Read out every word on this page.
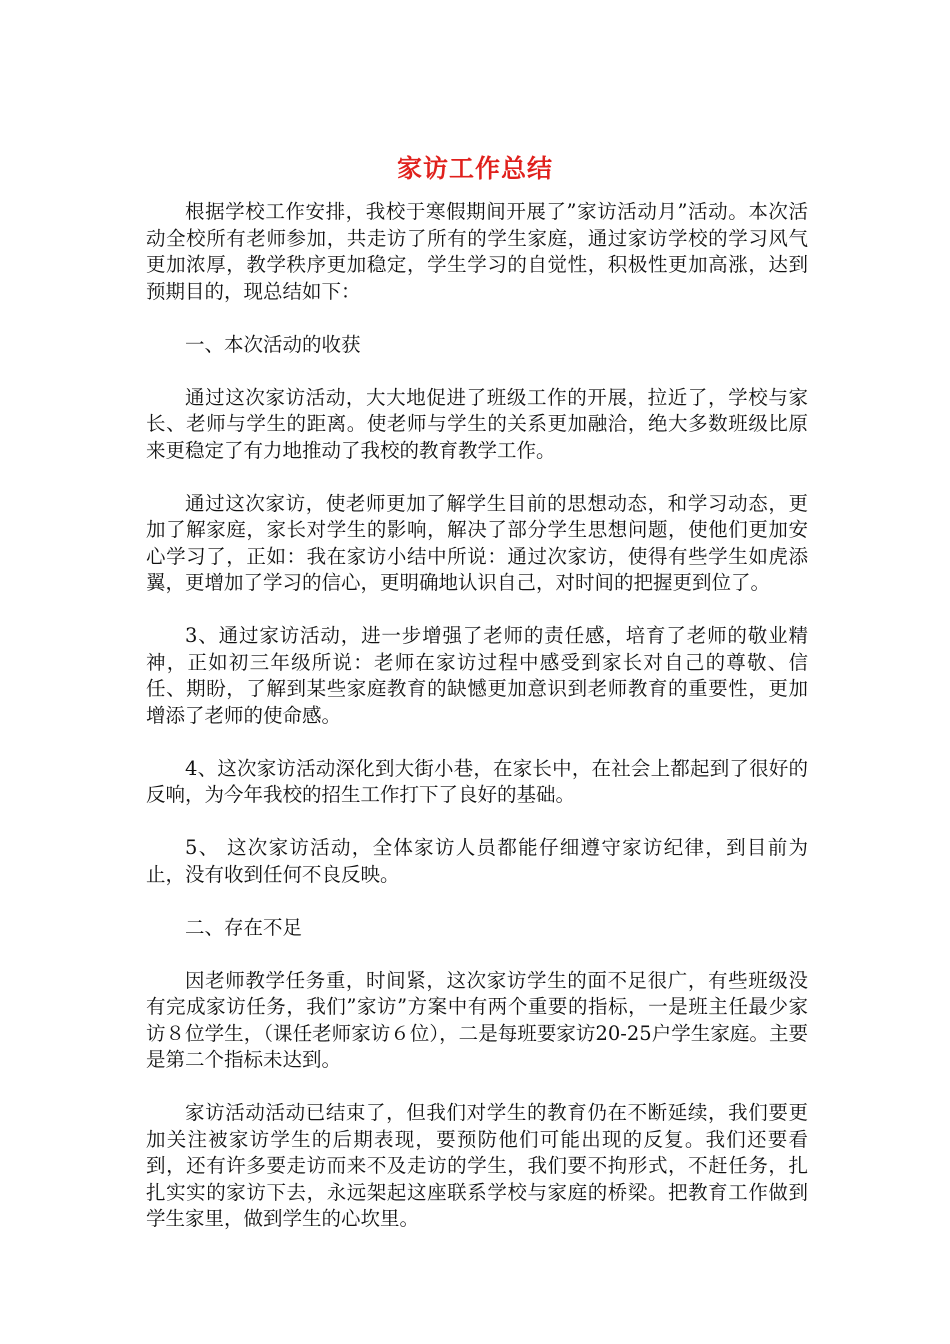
家访工作总结

根据学校工作安排，我校于寒假期间开展了”家访活动月”活动。本次活动全校所有老师参加，共走访了所有的学生家庭，通过家访学校的学习风气更加浓厚，教学秩序更加稳定，学生学习的自觉性，积极性更加高涨，达到预期目的，现总结如下：

一、本次活动的收获

通过这次家访活动，大大地促进了班级工作的开展，拉近了，学校与家长、老师与学生的距离。使老师与学生的关系更加融洽，绝大多数班级比原来更稳定了有力地推动了我校的教育教学工作。

通过这次家访，使老师更加了解学生目前的思想动态，和学习动态，更加了解家庭，家长对学生的影响，解决了部分学生思想问题，使他们更加安心学习了，正如：我在家访小结中所说：通过次家访，使得有些学生如虎添翼，更增加了学习的信心，更明确地认识自己，对时间的把握更到位了。

3、通过家访活动，进一步增强了老师的责任感，培育了老师的敬业精神，正如初三年级所说：老师在家访过程中感受到家长对自己的尊敬、信任、期盼，了解到某些家庭教育的缺憾更加意识到老师教育的重要性，更加增添了老师的使命感。

4、这次家访活动深化到大街小巷，在家长中，在社会上都起到了很好的反响，为今年我校的招生工作打下了良好的基础。

5、 这次家访活动，全体家访人员都能仔细遵守家访纪律，到目前为止，没有收到任何不良反映。

二、存在不足

因老师教学任务重，时间紧，这次家访学生的面不足很广，有些班级没有完成家访任务，我们”家访”方案中有两个重要的指标，一是班主任最少家访８位学生，（课任老师家访６位），二是每班要家访20-25户学生家庭。主要是第二个指标未达到。

家访活动活动已结束了，但我们对学生的教育仍在不断延续，我们要更加关注被家访学生的后期表现，要预防他们可能出现的反复。我们还要看到，还有许多要走访而来不及走访的学生，我们要不拘形式，不赶任务，扎扎实实的家访下去，永远架起这座联系学校与家庭的桥梁。把教育工作做到学生家里，做到学生的心坎里。
